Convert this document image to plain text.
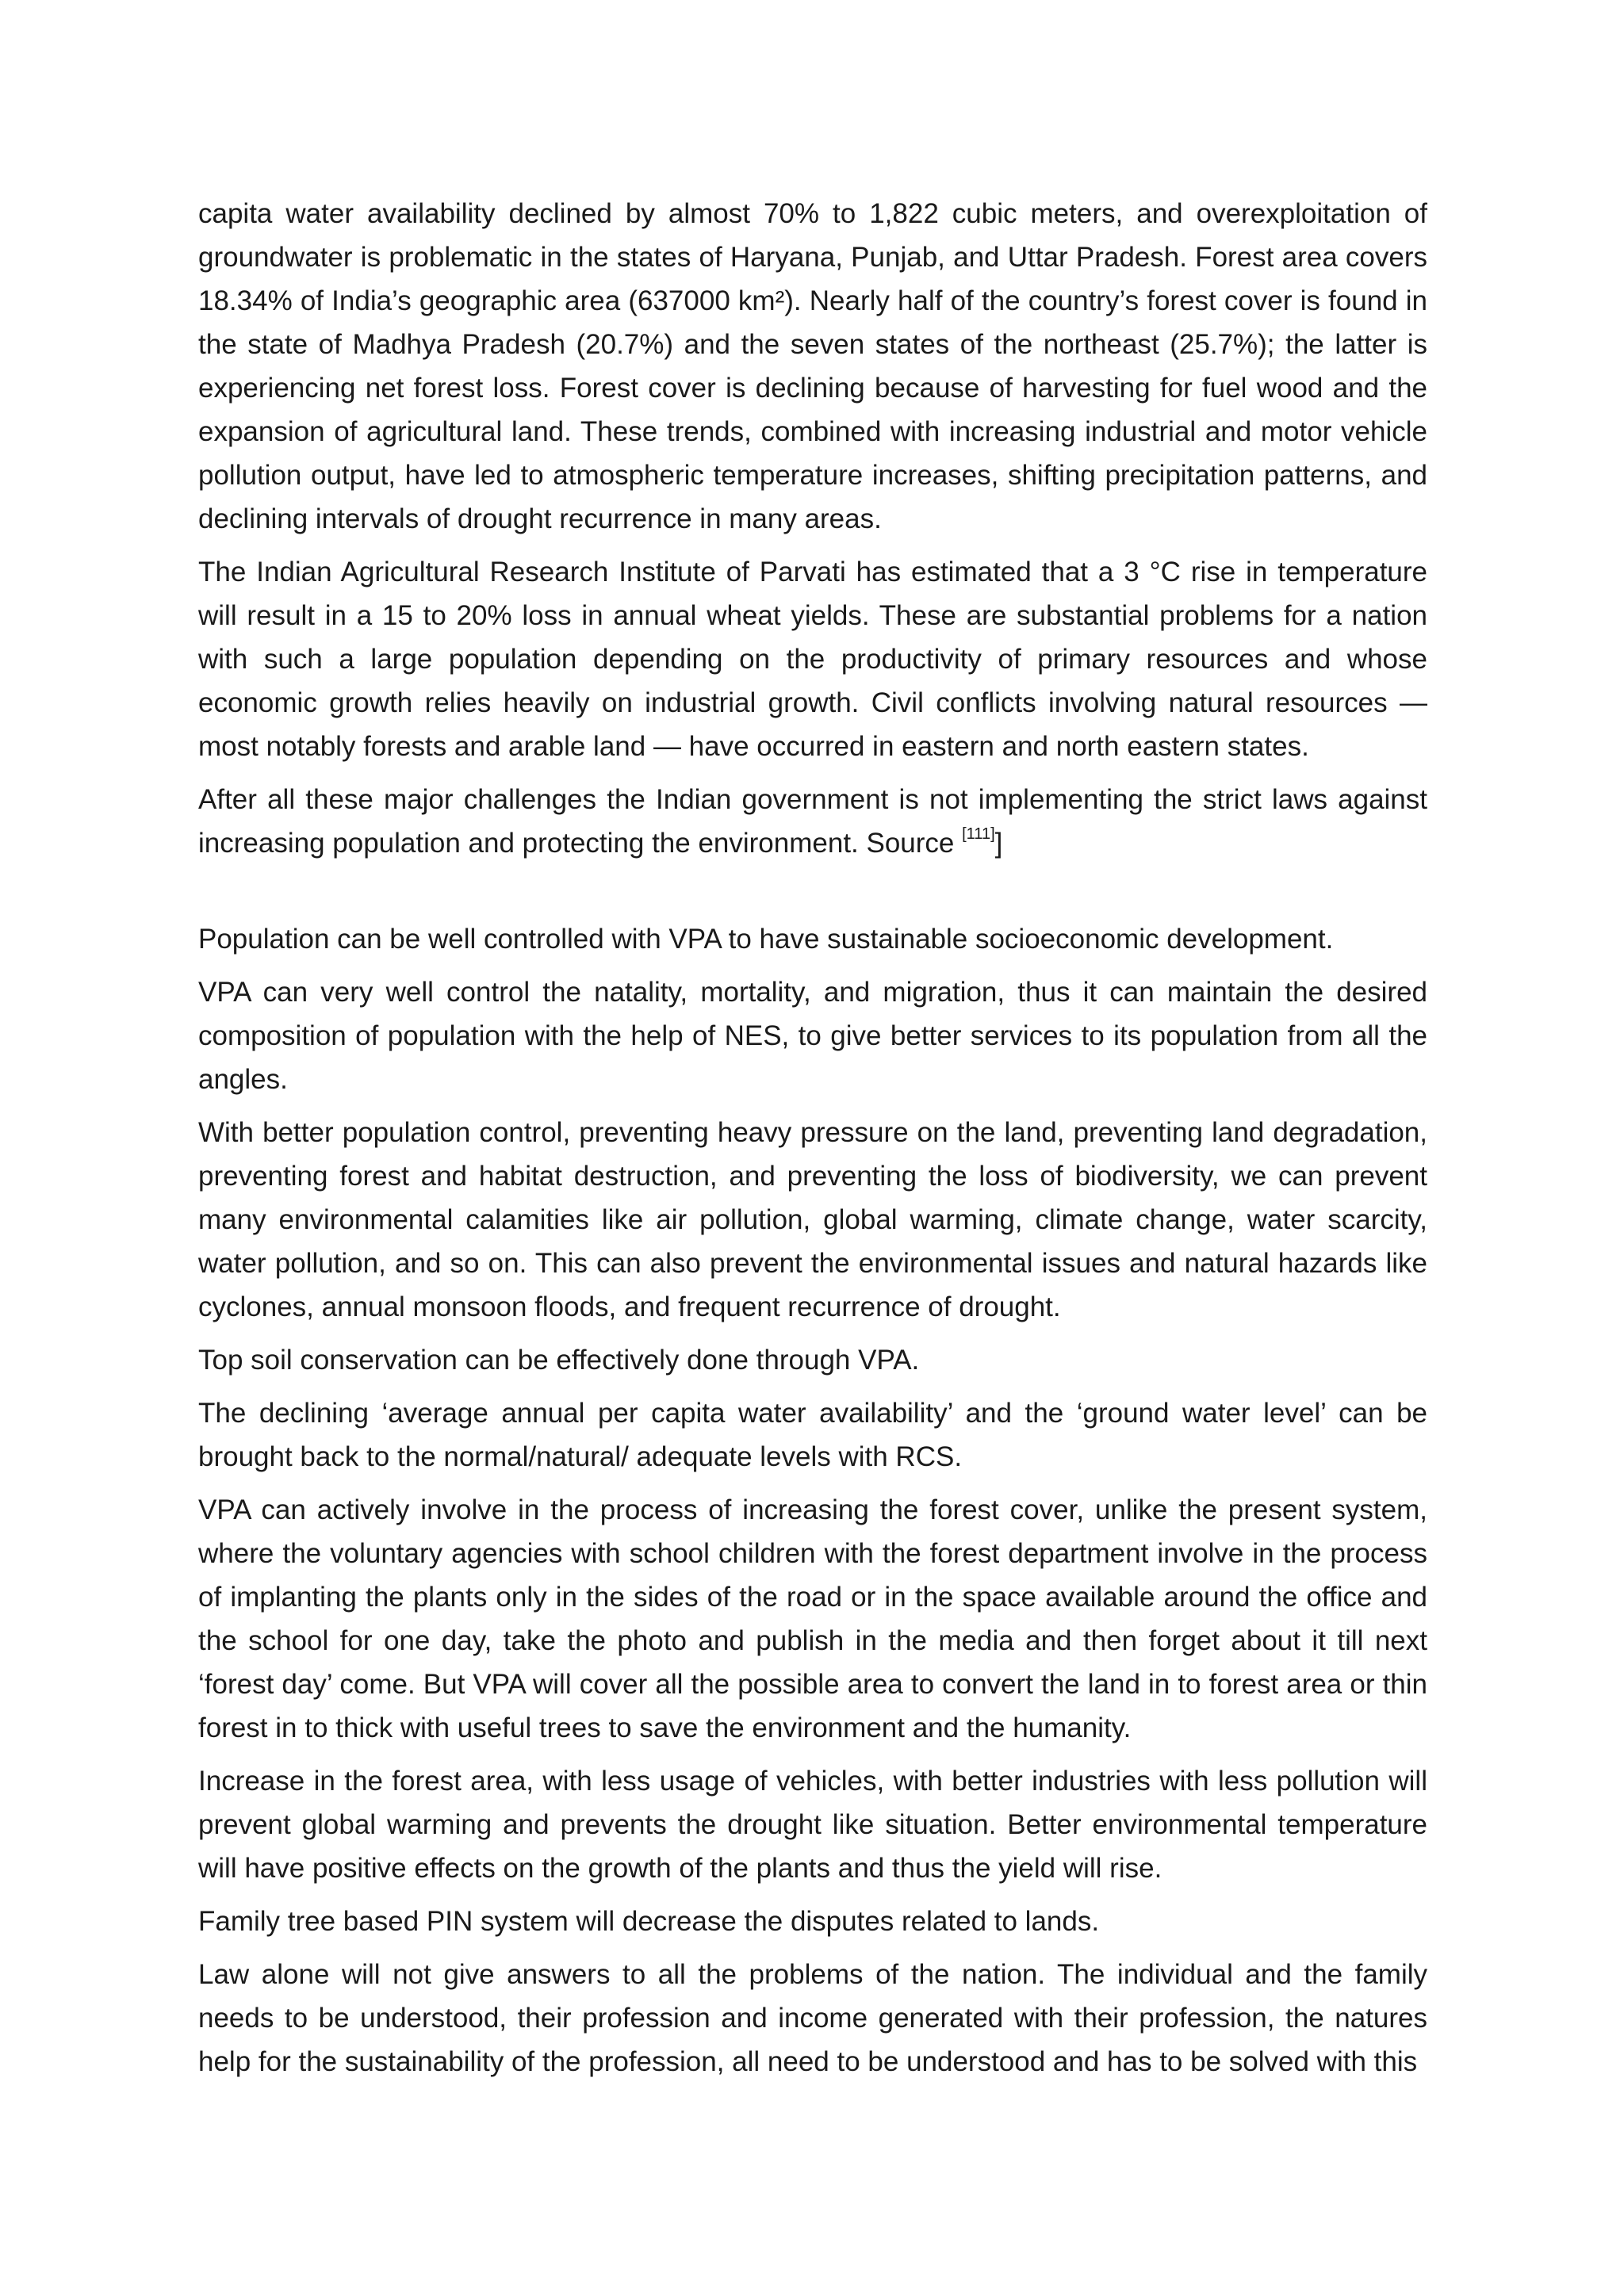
capita water availability declined by almost 70% to 1,822 cubic meters, and overexploitation of groundwater is problematic in the states of Haryana, Punjab, and Uttar Pradesh. Forest area covers 18.34% of India’s geographic area (637000 km²). Nearly half of the country’s forest cover is found in the state of Madhya Pradesh (20.7%) and the seven states of the northeast (25.7%); the latter is experiencing net forest loss. Forest cover is declining because of harvesting for fuel wood and the expansion of agricultural land. These trends, combined with increasing industrial and motor vehicle pollution output, have led to atmospheric temperature increases, shifting precipitation patterns, and declining intervals of drought recurrence in many areas.

The Indian Agricultural Research Institute of Parvati has estimated that a 3 °C rise in temperature will result in a 15 to 20% loss in annual wheat yields. These are substantial problems for a nation with such a large population depending on the productivity of primary resources and whose economic growth relies heavily on industrial growth. Civil conflicts involving natural resources — most notably forests and arable land — have occurred in eastern and north eastern states.

After all these major challenges the Indian government is not implementing the strict laws against increasing population and protecting the environment. Source [111]]

Population can be well controlled with VPA to have sustainable socioeconomic development.

VPA can very well control the natality, mortality, and migration, thus it can maintain the desired composition of population with the help of NES, to give better services to its population from all the angles.

With better population control, preventing heavy pressure on the land, preventing land degradation, preventing forest and habitat destruction, and preventing the loss of biodiversity, we can prevent many environmental calamities like air pollution, global warming, climate change, water scarcity, water pollution, and so on. This can also prevent the environmental issues and natural hazards like cyclones, annual monsoon floods, and frequent recurrence of drought.

Top soil conservation can be effectively done through VPA.

The declining ‘average annual per capita water availability’ and the ‘ground water level’ can be brought back to the normal/natural/ adequate levels with RCS.

VPA can actively involve in the process of increasing the forest cover, unlike the present system, where the voluntary agencies with school children with the forest department involve in the process of implanting the plants only in the sides of the road or in the space available around the office and the school for one day, take the photo and publish in the media and then forget about it till next ‘forest day’ come. But VPA will cover all the possible area to convert the land in to forest area or thin forest in to thick with useful trees to save the environment and the humanity.

Increase in the forest area, with less usage of vehicles, with better industries with less pollution will prevent global warming and prevents the drought like situation. Better environmental temperature will have positive effects on the growth of the plants and thus the yield will rise.

Family tree based PIN system will decrease the disputes related to lands.

Law alone will not give answers to all the problems of the nation. The individual and the family needs to be understood, their profession and income generated with their profession, the natures help for the sustainability of the profession, all need to be understood and has to be solved with this
